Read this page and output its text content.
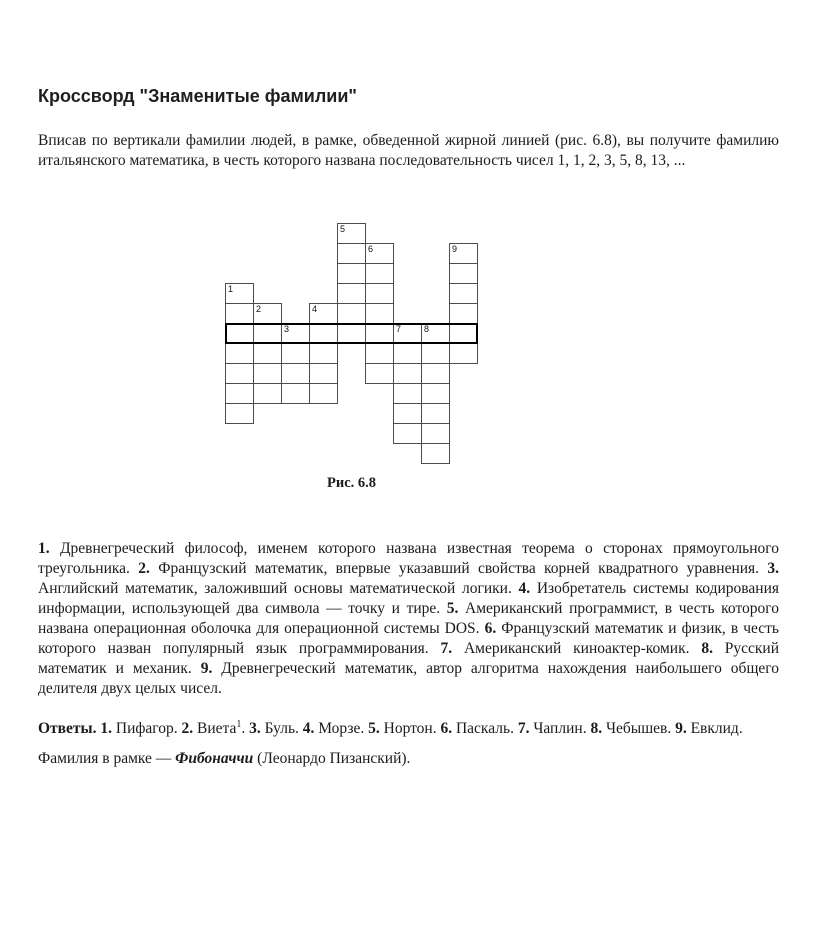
Кроссворд "Знаменитые фамилии"

Вписав по вертикали фамилии людей, в рамке, обведенной жирной линией (рис. 6.8), вы получите фамилию итальянского математика, в честь которого названа последовательность чисел 1, 1, 2, 3, 5, 8, 13, ...

1
2
3
4
5
6
7	8
9
Рис. 6.8

1. Древнегреческий философ, именем которого названа известная теорема о сторонах прямоугольного треугольника. 2. Французский математик, впервые указавший свойства корней квадратного уравнения. 3. Английский математик, заложивший основы математической логики. 4. Изобретатель системы кодирования информации, использующей два символа — точку и тире. 5. Американский программист, в честь которого названа операционная оболочка для операционной системы DOS. 6. Французский математик и физик, в честь которого назван популярный язык программирования. 7. Американский киноактер-комик. 8. Русский математик и механик. 9. Древнегреческий математик, автор алгоритма нахождения наибольшего общего делителя двух целых чисел.

Ответы. 1. Пифагор. 2. Виета$^1$. 3. Буль. 4. Морзе. 5. Нортон. 6. Паскаль. 7. Чаплин. 8. Чебышев. 9. Евклид.

Фамилия в рамке — Фибоначчи (Леонардо Пизанский).
